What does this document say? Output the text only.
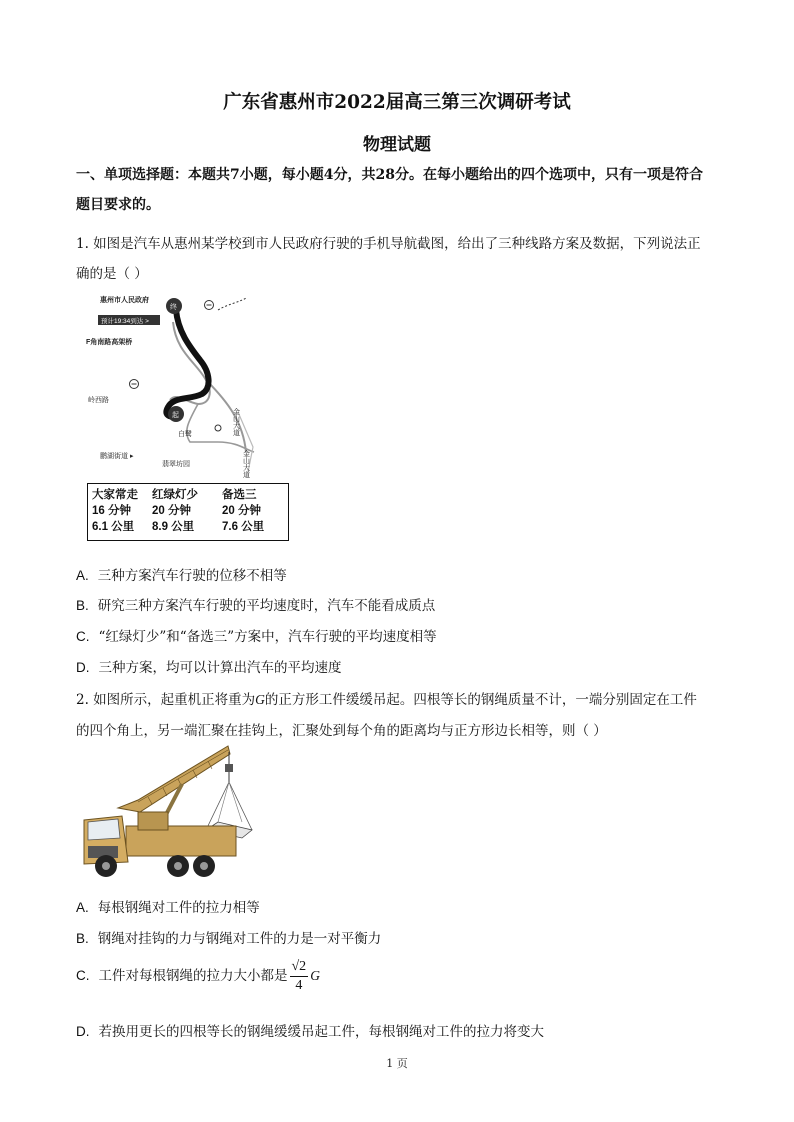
广东省惠州市2022届高三第三次调研考试
物理试题
一、单项选择题：本题共7小题，每小题4分，共28分。在每小题给出的四个选项中，只有一项是符合
题目要求的。
1. 如图是汽车从惠州某学校到市人民政府行驶的手机导航截图，给出了三种线路方案及数据，下列说法正
确的是（ ）
终
起
惠州市人民政府
预计19:34到达 >
F角南路高架桥
岭西路
白鹭	金山大道
金山大道
鹏湖街道 ▸
翡翠坊园
大家常走
16 分钟
6.1 公里
红绿灯少
20 分钟
8.9 公里
备选三
20 分钟
7.6 公里
A. 三种方案汽车行驶的位移不相等
B. 研究三种方案汽车行驶的平均速度时，汽车不能看成质点
C. “红绿灯少”和“备选三”方案中，汽车行驶的平均速度相等
D. 三种方案，均可以计算出汽车的平均速度
2. 如图所示，起重机正将重为G的正方形工件缓缓吊起。四根等长的钢绳质量不计，一端分别固定在工件
的四个角上，另一端汇聚在挂钩上，汇聚处到每个角的距离均与正方形边长相等，则（ ）
A. 每根钢绳对工件的拉力相等
B. 钢绳对挂钩的力与钢绳对工件的力是一对平衡力
C. 工件对每根钢绳的拉力大小都是 $\frac{√2}{4}$ G
D. 若换用更长的四根等长的钢绳缓缓吊起工件，每根钢绳对工件的拉力将变大
1 页
